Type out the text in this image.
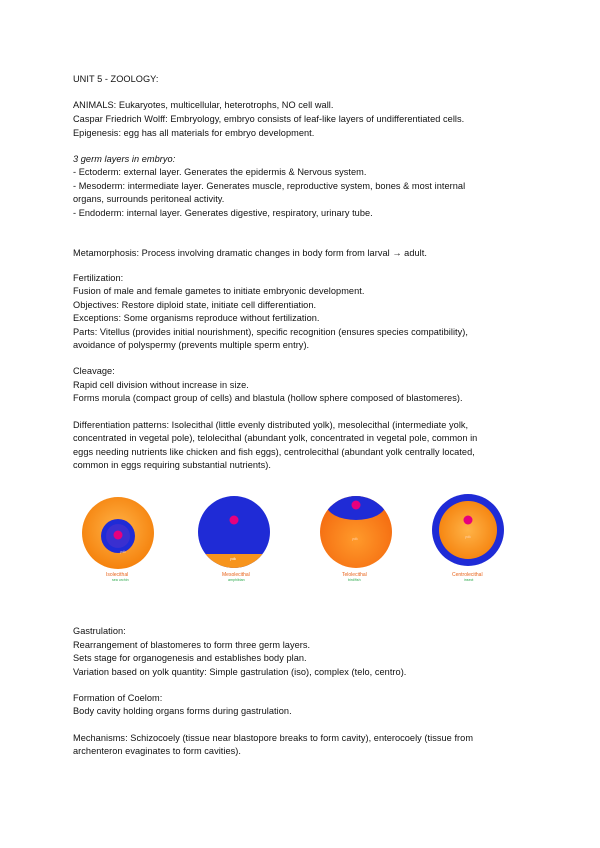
UNIT 5 - ZOOLOGY:
ANIMALS: Eukaryotes, multicellular, heterotrophs, NO cell wall.
Caspar Friedrich Wolff: Embryology, embryo consists of leaf-like layers of undifferentiated cells.
Epigenesis: egg has all materials for embryo development.
3 germ layers in embryo:
- Ectoderm: external layer. Generates the epidermis & Nervous system.
- Mesoderm: intermediate layer. Generates muscle, reproductive system, bones & most internal
organs, surrounds peritoneal activity.
- Endoderm: internal layer. Generates digestive, respiratory, urinary tube.
Metamorphosis: Process involving dramatic changes in body form from larval → adult.
Fertilization:
Fusion of male and female gametes to initiate embryonic development.
Objectives: Restore diploid state, initiate cell differentiation.
Exceptions: Some organisms reproduce without fertilization.
Parts: Vitellus (provides initial nourishment), specific recognition (ensures species compatibility),
avoidance of polyspermy (prevents multiple sperm entry).
Cleavage:
Rapid cell division without increase in size.
Forms morula (compact group of cells) and blastula (hollow sphere composed of blastomeres).
Differentiation patterns: Isolecithal (little evenly distributed yolk), mesolecithal (intermediate yolk,
concentrated in vegetal pole), telolecithal (abundant yolk, concentrated in vegetal pole, common in
eggs needing nutrients like chicken and fish eggs), centrolecithal (abundant yolk centrally located,
common in eggs requiring substantial nutrients).
Gastrulation:
Rearrangement of blastomeres to form three germ layers.
Sets stage for organogenesis and establishes body plan.
Variation based on yolk quantity: Simple gastrulation (iso), complex (telo, centro).
Formation of Coelom:
Body cavity holding organs forms during gastrulation.
Mechanisms: Schizocoely (tissue near blastopore breaks to form cavity), enterocoely (tissue from
archenteron evaginates to form cavities).
yolk
Isolecithal
sea urchin
yolk
Mesolecithal
amphibian
yolk
Telolecithal
bird/fish
yolk
Centrolecithal
insect
